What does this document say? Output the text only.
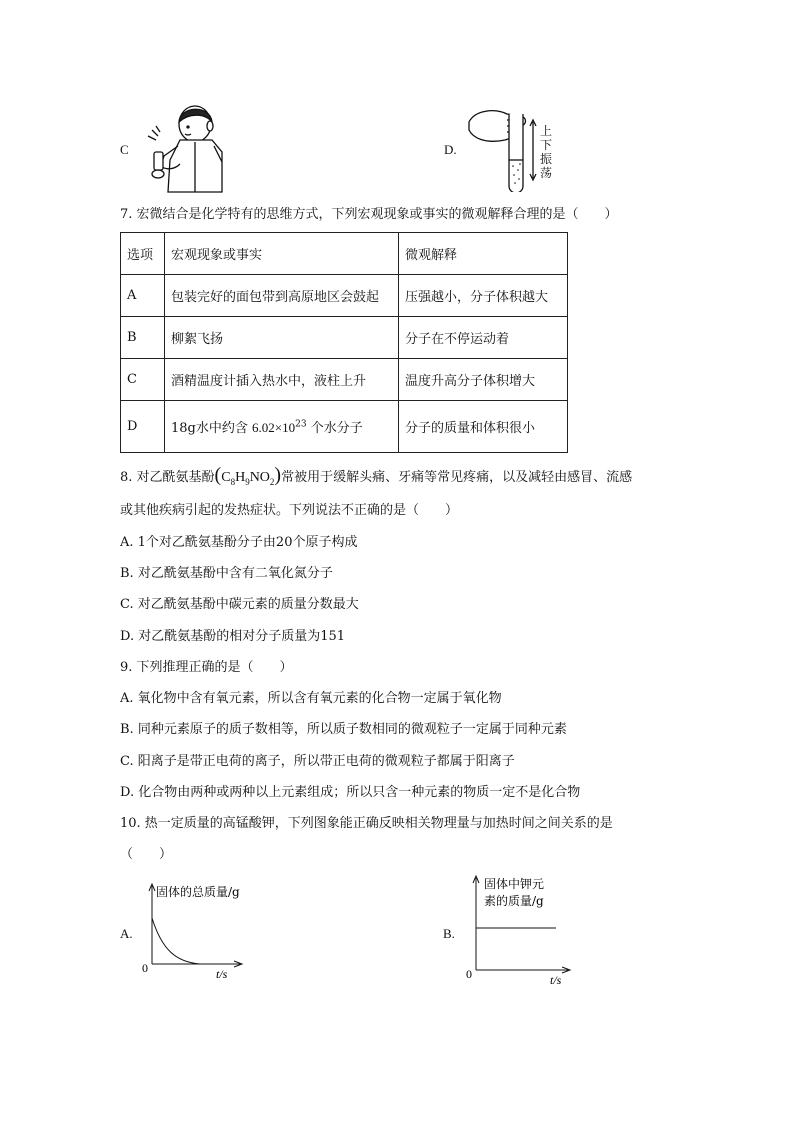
C	D.
上
下
振
荡
7. 宏微结合是化学特有的思维方式，下列宏观现象或事实的微观解释合理的是（　　）
选项	宏观现象或事实	微观解释
A	包装完好的面包带到高原地区会鼓起	压强越小，分子体积越大
B	柳絮飞扬	分子在不停运动着
C	酒精温度计插入热水中，液柱上升	温度升高分子体积增大
D	18g水中约含 $6.02\times 10^{23}$ 个水分子	分子的质量和体积很小
8. 对乙酰氨基酚$(C_8H_9NO_2)$常被用于缓解头痛、牙痛等常见疼痛，以及减轻由感冒、流感
或其他疾病引起的发热症状。下列说法不正确的是（　　）
A. 1个对乙酰氨基酚分子由20个原子构成
B. 对乙酰氨基酚中含有二氧化氮分子
C. 对乙酰氨基酚中碳元素的质量分数最大
D. 对乙酰氨基酚的相对分子质量为151
9. 下列推理正确的是（　　）
A. 氧化物中含有氧元素，所以含有氧元素的化合物一定属于氧化物
B. 同种元素原子的质子数相等，所以质子数相同的微观粒子一定属于同种元素
C. 阳离子是带正电荷的离子，所以带正电荷的微观粒子都属于阳离子
D. 化合物由两种或两种以上元素组成；所以只含一种元素的物质一定不是化合物
10. 热一定质量的高锰酸钾，下列图象能正确反映相关物理量与加热时间之间关系的是
（　　）
A.
固体的总质量/g
0	t/s
B.
固体中钾元
素的质量/g
0	t/s
